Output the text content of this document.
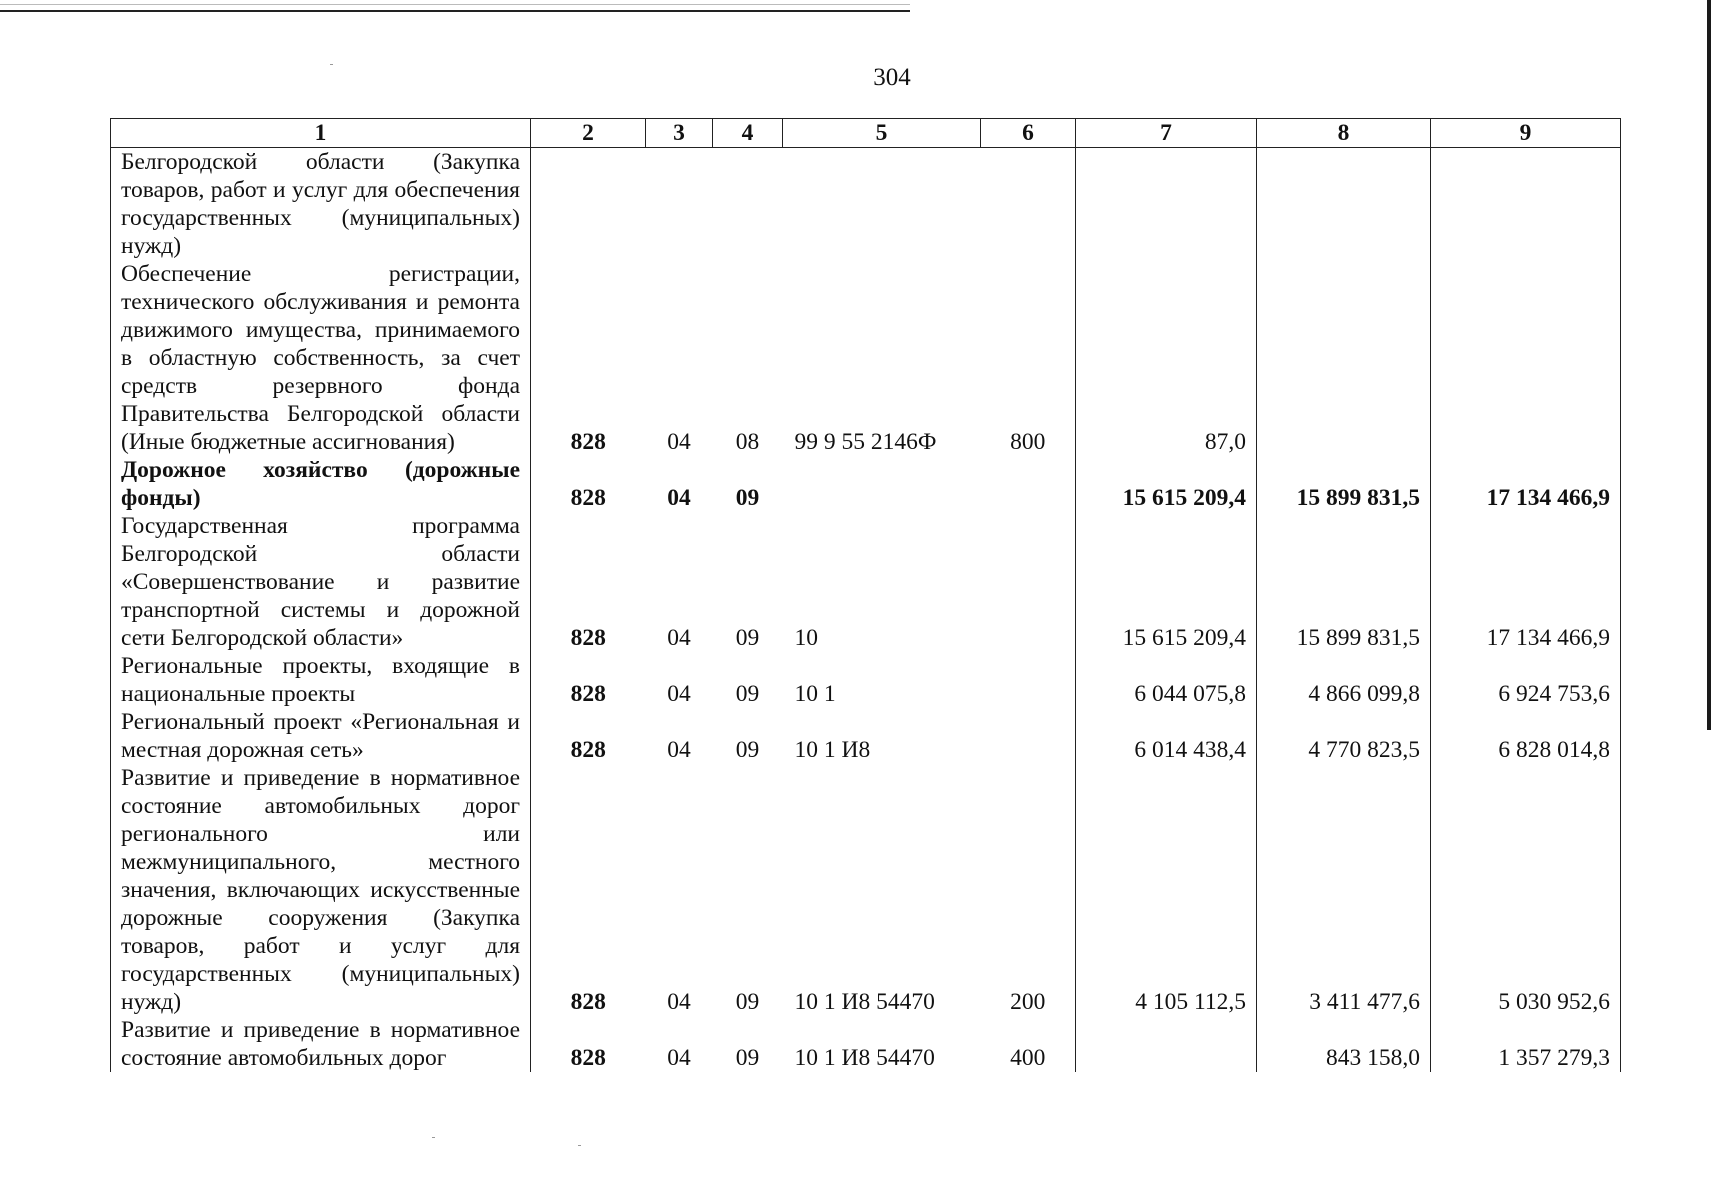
304
1	2	3	4	5	6	7	8	9
Белгородской области (Закупка товаров, работ и услуг для обеспечения государственных (муниципальных) нужд)								
Обеспечение регистрации, технического обслуживания и ремонта движимого имущества, принимаемого в областную собственность, за счет средств резервного фонда Правительства Белгородской области (Иные бюджетные ассигнования)	828	04	08	99 9 55 2146Ф	800	87,0		
Дорожное хозяйство (дорожные фонды)	828	04	09			15 615 209,4	15 899 831,5	17 134 466,9
Государственная программа Белгородской области «Совершенствование и развитие транспортной системы и дорожной сети Белгородской области»	828	04	09	10		15 615 209,4	15 899 831,5	17 134 466,9
Региональные проекты, входящие в национальные проекты	828	04	09	10 1		6 044 075,8	4 866 099,8	6 924 753,6
Региональный проект «Региональная и местная дорожная сеть»	828	04	09	10 1 И8		6 014 438,4	4 770 823,5	6 828 014,8
Развитие и приведение в нормативное состояние автомобильных дорог регионального или межмуниципального, местного значения, включающих искусственные дорожные сооружения (Закупка товаров, работ и услуг для государственных (муниципальных) нужд)	828	04	09	10 1 И8 54470	200	4 105 112,5	3 411 477,6	5 030 952,6
Развитие и приведение в нормативное состояние автомобильных дорог	828	04	09	10 1 И8 54470	400		843 158,0	1 357 279,3
